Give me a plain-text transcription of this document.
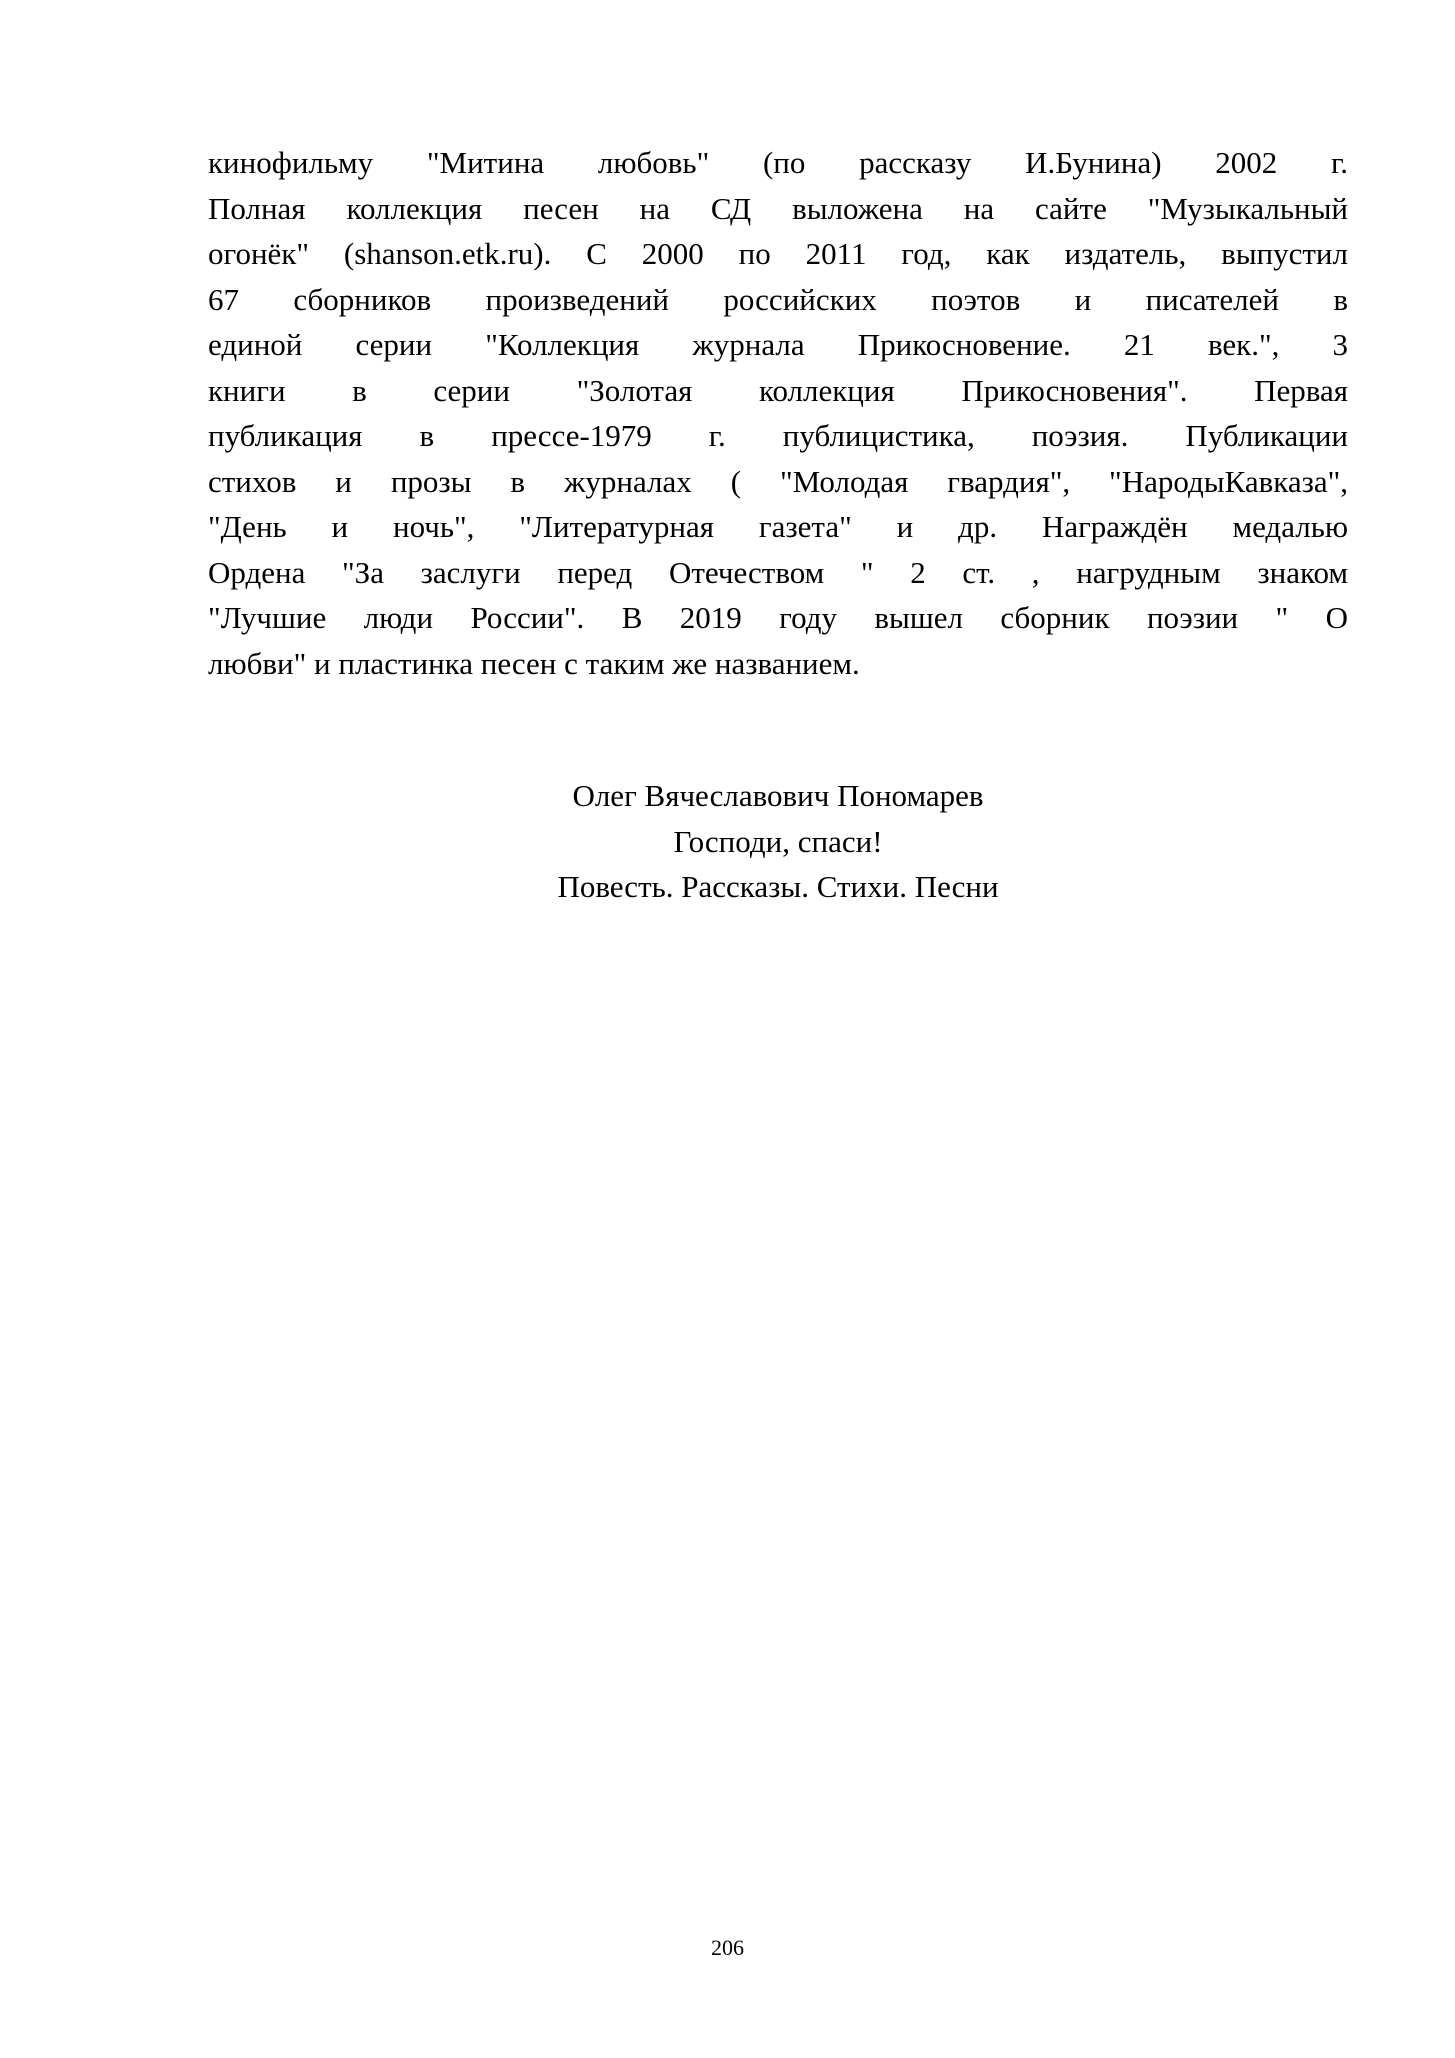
кинофильму "Митина любовь" (по рассказу И.Бунина) 2002 г.
Полная коллекция песен на СД выложена на сайте "Музыкальный
огонёк" (shanson.etk.ru). С 2000 по 2011 год, как издатель, выпустил
67 сборников произведений российских поэтов и писателей в
единой серии "Коллекция журнала Прикосновение. 21 век.", 3
книги в серии "Золотая коллекция Прикосновения". Первая
публикация в прессе-1979 г. публицистика, поэзия. Публикации
стихов и прозы в журналах ( "Молодая гвардия", "НародыКавказа",
"День и ночь", "Литературная газета" и др. Награждён медалью
Ордена "За заслуги перед Отечеством " 2 ст. , нагрудным знаком
"Лучшие люди России". В 2019 году вышел сборник поэзии " О
любви" и пластинка песен с таким же названием.
Олег Вячеславович Пономарев
Господи, спаси!
Повесть. Рассказы. Стихи. Песни
206
